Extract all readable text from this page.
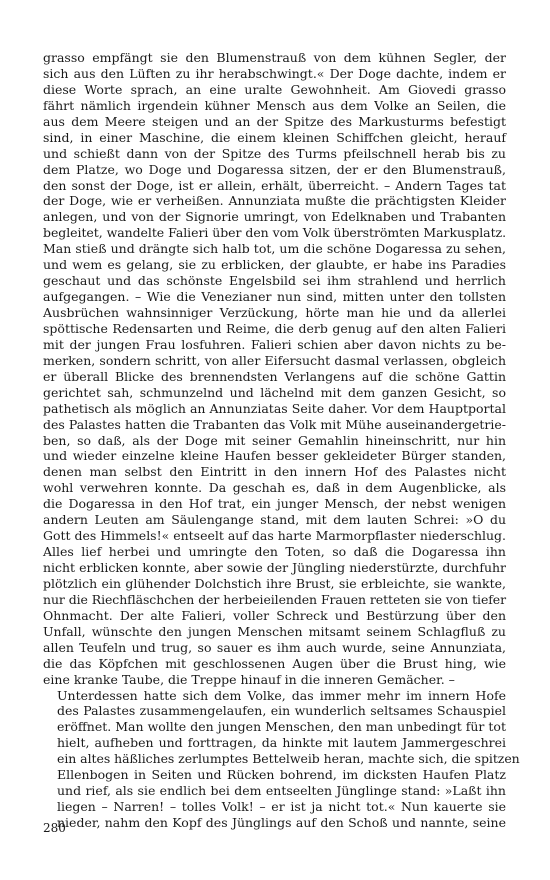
grasso empfängt sie den Blumenstrauß von dem kühnen Segler, der
sich aus den Lüften zu ihr herabschwingt.« Der Doge dachte, indem er
diese Worte sprach, an eine uralte Gewohnheit. Am Giovedi grasso
fährt nämlich irgendein kühner Mensch aus dem Volke an Seilen, die
aus dem Meere steigen und an der Spitze des Markusturms befestigt
sind, in einer Maschine, die einem kleinen Schiffchen gleicht, herauf
und schießt dann von der Spitze des Turms pfeilschnell herab bis zu
dem Platze, wo Doge und Dogaressa sitzen, der er den Blumenstrauß,
den sonst der Doge, ist er allein, erhält, überreicht. – Andern Tages tat
der Doge, wie er verheißen. Annunziata mußte die prächtigsten Kleider
anlegen, und von der Signorie umringt, von Edelknaben und Trabanten
begleitet, wandelte Falieri über den vom Volk überströmten Markusplatz.
Man stieß und drängte sich halb tot, um die schöne Dogaressa zu sehen,
und wem es gelang, sie zu erblicken, der glaubte, er habe ins Paradies
geschaut und das schönste Engelsbild sei ihm strahlend und herrlich
aufgegangen. – Wie die Venezianer nun sind, mitten unter den tollsten
Ausbrüchen wahnsinniger Verzückung, hörte man hie und da allerlei
spöttische Redensarten und Reime, die derb genug auf den alten Falieri
mit der jungen Frau losfuhren. Falieri schien aber davon nichts zu be-
merken, sondern schritt, von aller Eifersucht dasmal verlassen, obgleich
er überall Blicke des brennendsten Verlangens auf die schöne Gattin
gerichtet sah, schmunzelnd und lächelnd mit dem ganzen Gesicht, so
pathetisch als möglich an Annunziatas Seite daher. Vor dem Hauptportal
des Palastes hatten die Trabanten das Volk mit Mühe auseinandergetrie-
ben, so daß, als der Doge mit seiner Gemahlin hineinschritt, nur hin
und wieder einzelne kleine Haufen besser gekleideter Bürger standen,
denen man selbst den Eintritt in den innern Hof des Palastes nicht
wohl verwehren konnte. Da geschah es, daß in dem Augenblicke, als
die Dogaressa in den Hof trat, ein junger Mensch, der nebst wenigen
andern Leuten am Säulengange stand, mit dem lauten Schrei: »O du
Gott des Himmels!« entseelt auf das harte Marmorpflaster niederschlug.
Alles lief herbei und umringte den Toten, so daß die Dogaressa ihn
nicht erblicken konnte, aber sowie der Jüngling niederstürzte, durchfuhr
plötzlich ein glühender Dolchstich ihre Brust, sie erbleichte, sie wankte,
nur die Riechfläschchen der herbeieilenden Frauen retteten sie von tiefer
Ohnmacht. Der alte Falieri, voller Schreck und Bestürzung über den
Unfall, wünschte den jungen Menschen mitsamt seinem Schlagfluß zu
allen Teufeln und trug, so sauer es ihm auch wurde, seine Annunziata,
die das Köpfchen mit geschlossenen Augen über die Brust hing, wie
eine kranke Taube, die Treppe hinauf in die inneren Gemächer. –
Unterdessen hatte sich dem Volke, das immer mehr im innern Hofe
des Palastes zusammengelaufen, ein wunderlich seltsames Schauspiel
eröffnet. Man wollte den jungen Menschen, den man unbedingt für tot
hielt, aufheben und forttragen, da hinkte mit lautem Jammergeschrei
ein altes häßliches zerlumptes Bettelweib heran, machte sich, die spitzen
Ellenbogen in Seiten und Rücken bohrend, im dicksten Haufen Platz
und rief, als sie endlich bei dem entseelten Jünglinge stand: »Laßt ihn
liegen – Narren! – tolles Volk! – er ist ja nicht tot.« Nun kauerte sie
nieder, nahm den Kopf des Jünglings auf den Schoß und nannte, seine
280
